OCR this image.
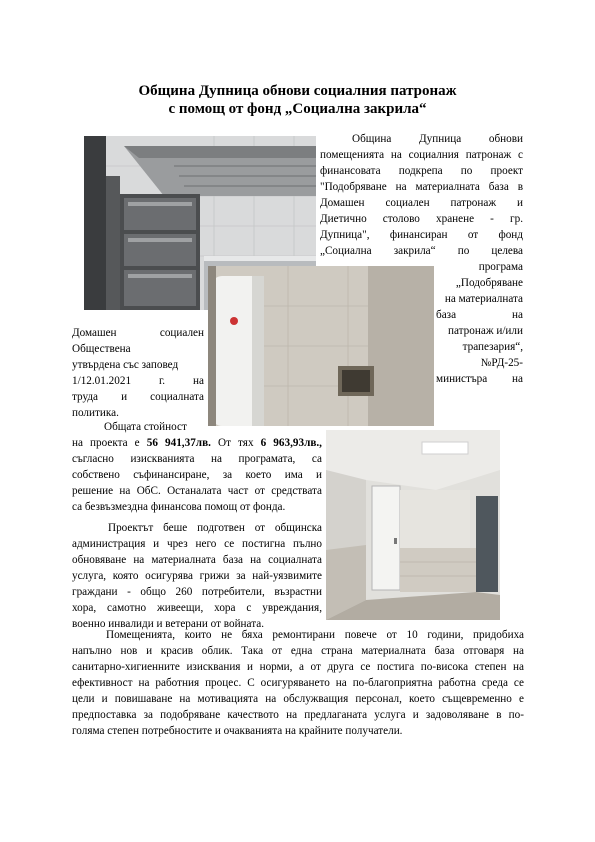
Община Дупница обнови социалния патронаж
с помощ от фонд „Социална закрила“
Община Дупница обнови
помещенията на социалния патронаж с
финансовата подкрепа по проект
"Подобряване на материалната база в
Домашен социален патронаж и
Диетично столово хранене - гр.
Дупница", финансиран от фонд
„Социална закрила“ по целева
програма
„Подобряване
на материалната
база на
патронаж и/или
трапезария“,
№РД-25-
министъра на
Домашен социален
Обществена
утвърдена със заповед
1/12.01.2021 г. на
труда и социалната
политика.
Общата стойност
на проекта е 56 941,37лв. От тях 6 963,93лв.,
съгласно изискванията на програмата, са
собствено съфинансиране, за което има и
решение на ОбС. Останалата част от средствата
са безвъзмездна финансова помощ от фонда.
Проектът беше подготвен от общинска
администрация и чрез него се постигна пълно
обновяване на материалната база на социалната
услуга, която осигурява грижи за най-уязвимите
граждани - общо 260 потребители, възрастни
хора, самотно живеещи, хора с увреждания,
военно инвалиди и ветерани от войната.
Помещенията, които не бяха ремонтирани повече от 10 години, придобиха
напълно нов и красив облик. Така от една страна материалната база отговаря на
санитарно-хигиенните изисквания и норми, а от друга се постига по-висока степен на
ефективност на работния процес. С осигуряването на по-благоприятна работна среда се
цели и повишаване на мотивацията на обслужващия персонал, което същевременно е
предпоставка за подобряване качеството на предлаганата услуга и задоволяване в по-
голяма степен потребностите и очакванията на крайните получатели.
